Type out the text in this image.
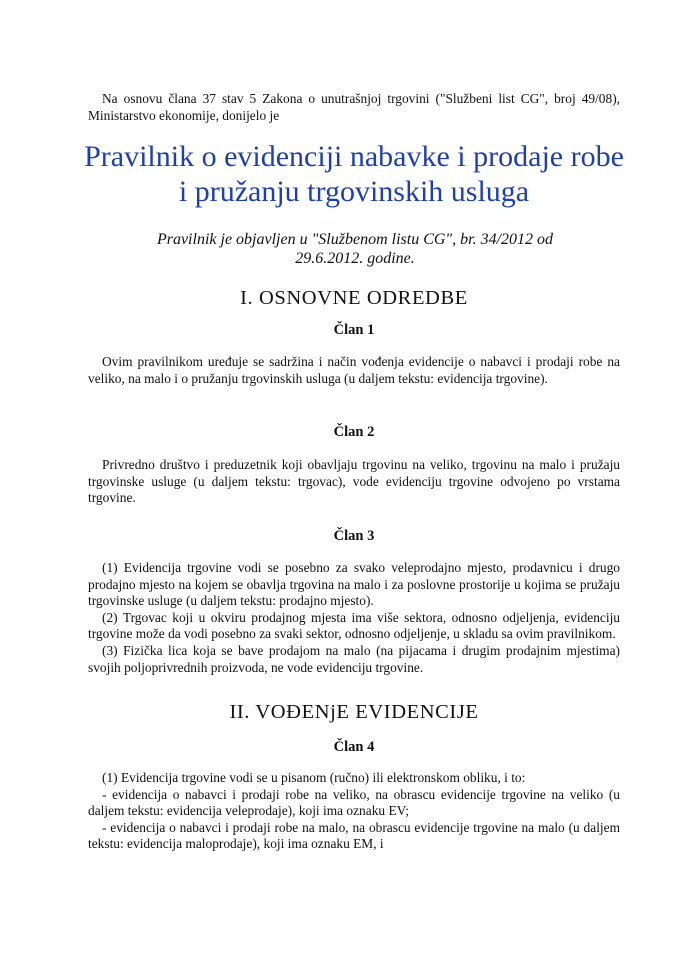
Na osnovu člana 37 stav 5 Zakona o unutrašnjoj trgovini ("Službeni list CG", broj 49/08), Ministarstvo ekonomije, donijelo je
Pravilnik o evidenciji nabavke i prodaje robe i pružanju trgovinskih usluga
Pravilnik je objavljen u "Službenom listu CG", br. 34/2012 od 29.6.2012. godine.
I. OSNOVNE ODREDBE
Član 1
Ovim pravilnikom uređuje se sadržina i način vođenja evidencije o nabavci i prodaji robe na veliko, na malo i o pružanju trgovinskih usluga (u daljem tekstu: evidencija trgovine).
Član 2
Privredno društvo i preduzetnik koji obavljaju trgovinu na veliko, trgovinu na malo i pružaju trgovinske usluge (u daljem tekstu: trgovac), vode evidenciju trgovine odvojeno po vrstama trgovine.
Član 3
(1) Evidencija trgovine vodi se posebno za svako veleprodajno mjesto, prodavnicu i drugo prodajno mjesto na kojem se obavlja trgovina na malo i za poslovne prostorije u kojima se pružaju trgovinske usluge (u daljem tekstu: prodajno mjesto).
(2) Trgovac koji u okviru prodajnog mjesta ima više sektora, odnosno odjeljenja, evidenciju trgovine može da vodi posebno za svaki sektor, odnosno odjeljenje, u skladu sa ovim pravilnikom.
(3) Fizička lica koja se bave prodajom na malo (na pijacama i drugim prodajnim mjestima) svojih poljoprivrednih proizvoda, ne vode evidenciju trgovine.
II. VOĐENjE EVIDENCIJE
Član 4
(1) Evidencija trgovine vodi se u pisanom (ručno) ili elektronskom obliku, i to:
- evidencija o nabavci i prodaji robe na veliko, na obrascu evidencije trgovine na veliko (u daljem tekstu: evidencija veleprodaje), koji ima oznaku EV;
- evidencija o nabavci i prodaji robe na malo, na obrascu evidencije trgovine na malo (u daljem tekstu: evidencija maloprodaje), koji ima oznaku EM, i
